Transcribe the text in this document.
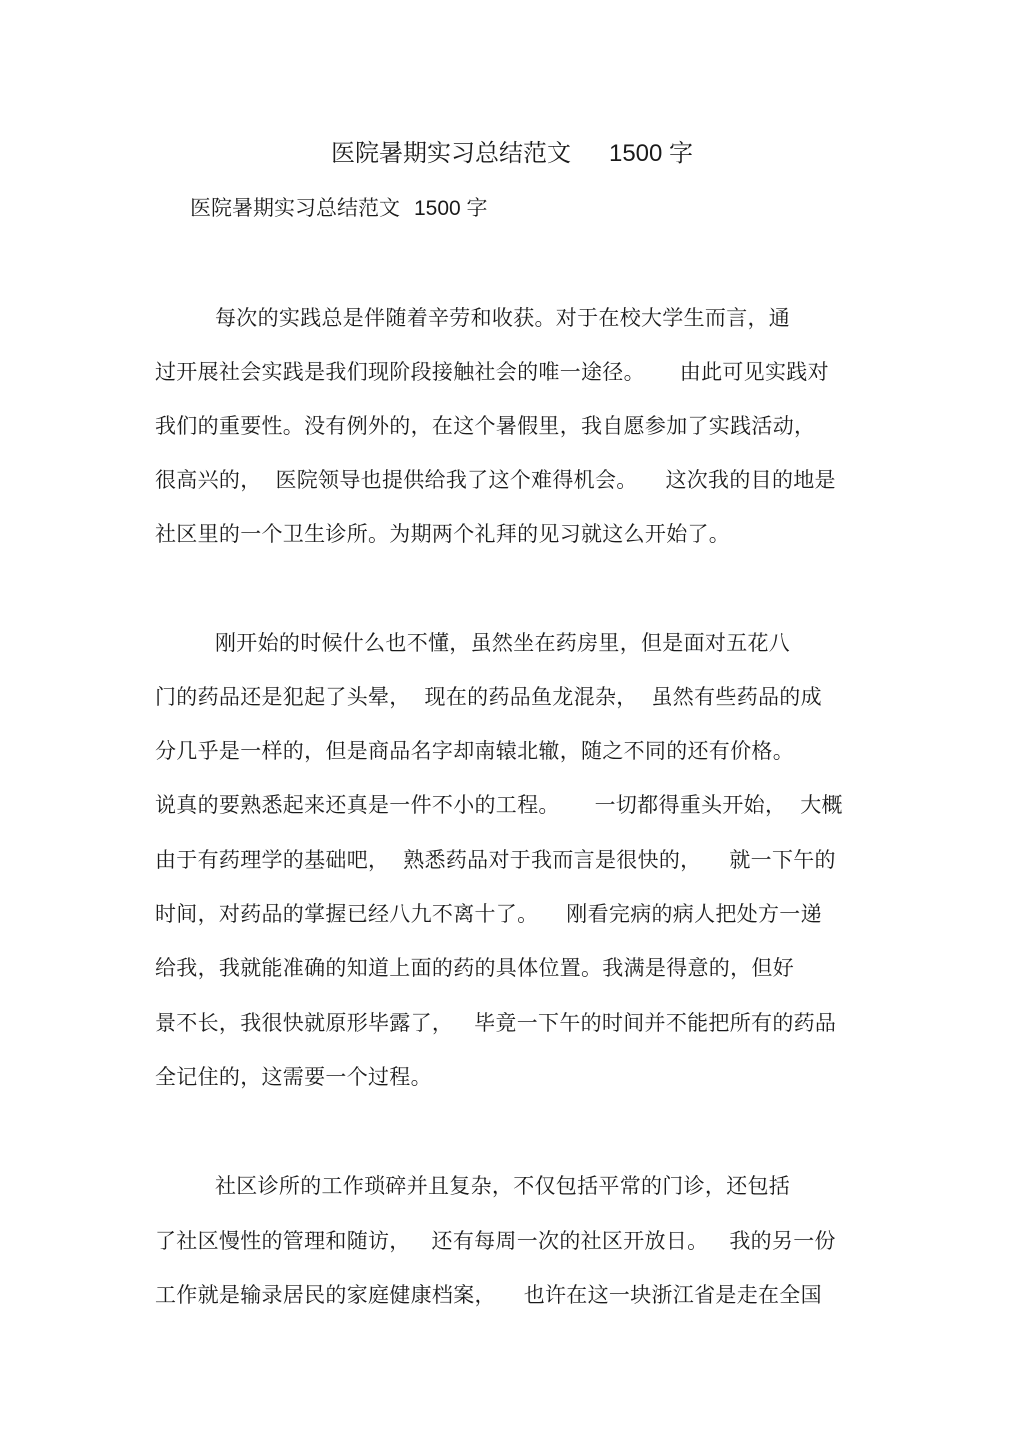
医院暑期实习总结范文 1500 字
医院暑期实习总结范文 1500 字
每次的实践总是伴随着辛劳和收获。对于在校大学生而言，通
过开展社会实践是我们现阶段接触社会的唯一途径。     由此可见实践对
我们的重要性。没有例外的，在这个暑假里，我自愿参加了实践活动，
很高兴的，  医院领导也提供给我了这个难得机会。    这次我的目的地是
社区里的一个卫生诊所。为期两个礼拜的见习就这么开始了。
刚开始的时候什么也不懂，虽然坐在药房里，但是面对五花八
门的药品还是犯起了头晕，  现在的药品鱼龙混杂，  虽然有些药品的成
分几乎是一样的，但是商品名字却南辕北辙，随之不同的还有价格。
说真的要熟悉起来还真是一件不小的工程。     一切都得重头开始，  大概
由于有药理学的基础吧，  熟悉药品对于我而言是很快的，    就一下午的
时间，对药品的掌握已经八九不离十了。    刚看完病的病人把处方一递
给我，我就能准确的知道上面的药的具体位置。我满是得意的，但好
景不长，我很快就原形毕露了，   毕竟一下午的时间并不能把所有的药品
全记住的，这需要一个过程。
社区诊所的工作琐碎并且复杂，不仅包括平常的门诊，还包括
了社区慢性的管理和随访，   还有每周一次的社区开放日。   我的另一份
工作就是输录居民的家庭健康档案，    也许在这一块浙江省是走在全国
